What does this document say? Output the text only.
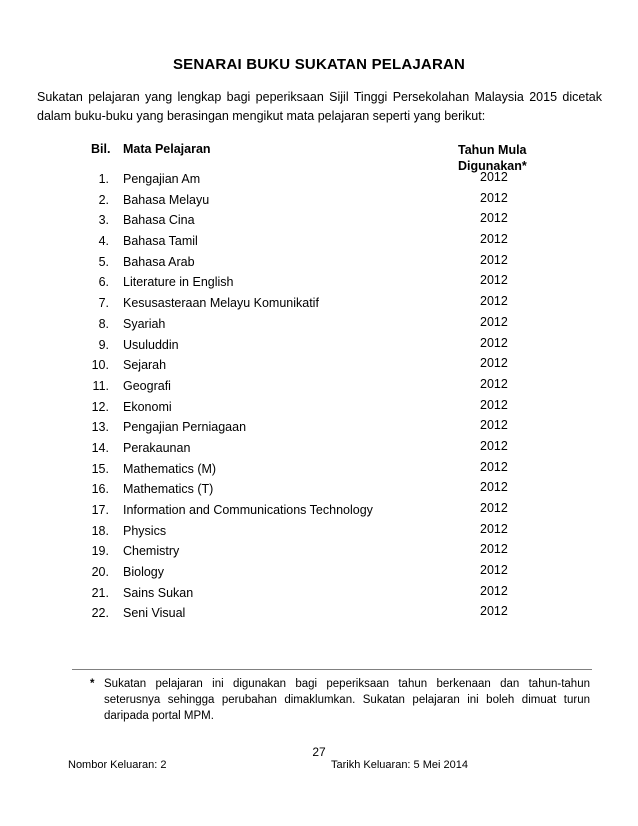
SENARAI BUKU SUKATAN PELAJARAN
Sukatan pelajaran yang lengkap bagi peperiksaan Sijil Tinggi Persekolahan Malaysia 2015 dicetak
dalam buku-buku yang berasingan mengikut mata pelajaran seperti yang berikut:
Bil. Mata Pelajaran	Tahun Mula
Digunakan*
1. Pengajian Am	2012
2. Bahasa Melayu	2012
3. Bahasa Cina	2012
4. Bahasa Tamil	2012
5. Bahasa Arab	2012
6. Literature in English	2012
7. Kesusasteraan Melayu Komunikatif	2012
8. Syariah	2012
9. Usuluddin	2012
10. Sejarah	2012
11. Geografi	2012
12. Ekonomi	2012
13. Pengajian Perniagaan	2012
14. Perakaunan	2012
15. Mathematics (M)	2012
16. Mathematics (T)	2012
17. Information and Communications Technology	2012
18. Physics	2012
19. Chemistry	2012
20. Biology	2012
21. Sains Sukan	2012
22. Seni Visual	2012
* Sukatan pelajaran ini digunakan bagi peperiksaan tahun berkenaan dan tahun-tahun seterusnya sehingga perubahan dimaklumkan. Sukatan pelajaran ini boleh dimuat turun daripada portal MPM.
27
Nombor Keluaran: 2	Tarikh Keluaran: 5 Mei 2014
